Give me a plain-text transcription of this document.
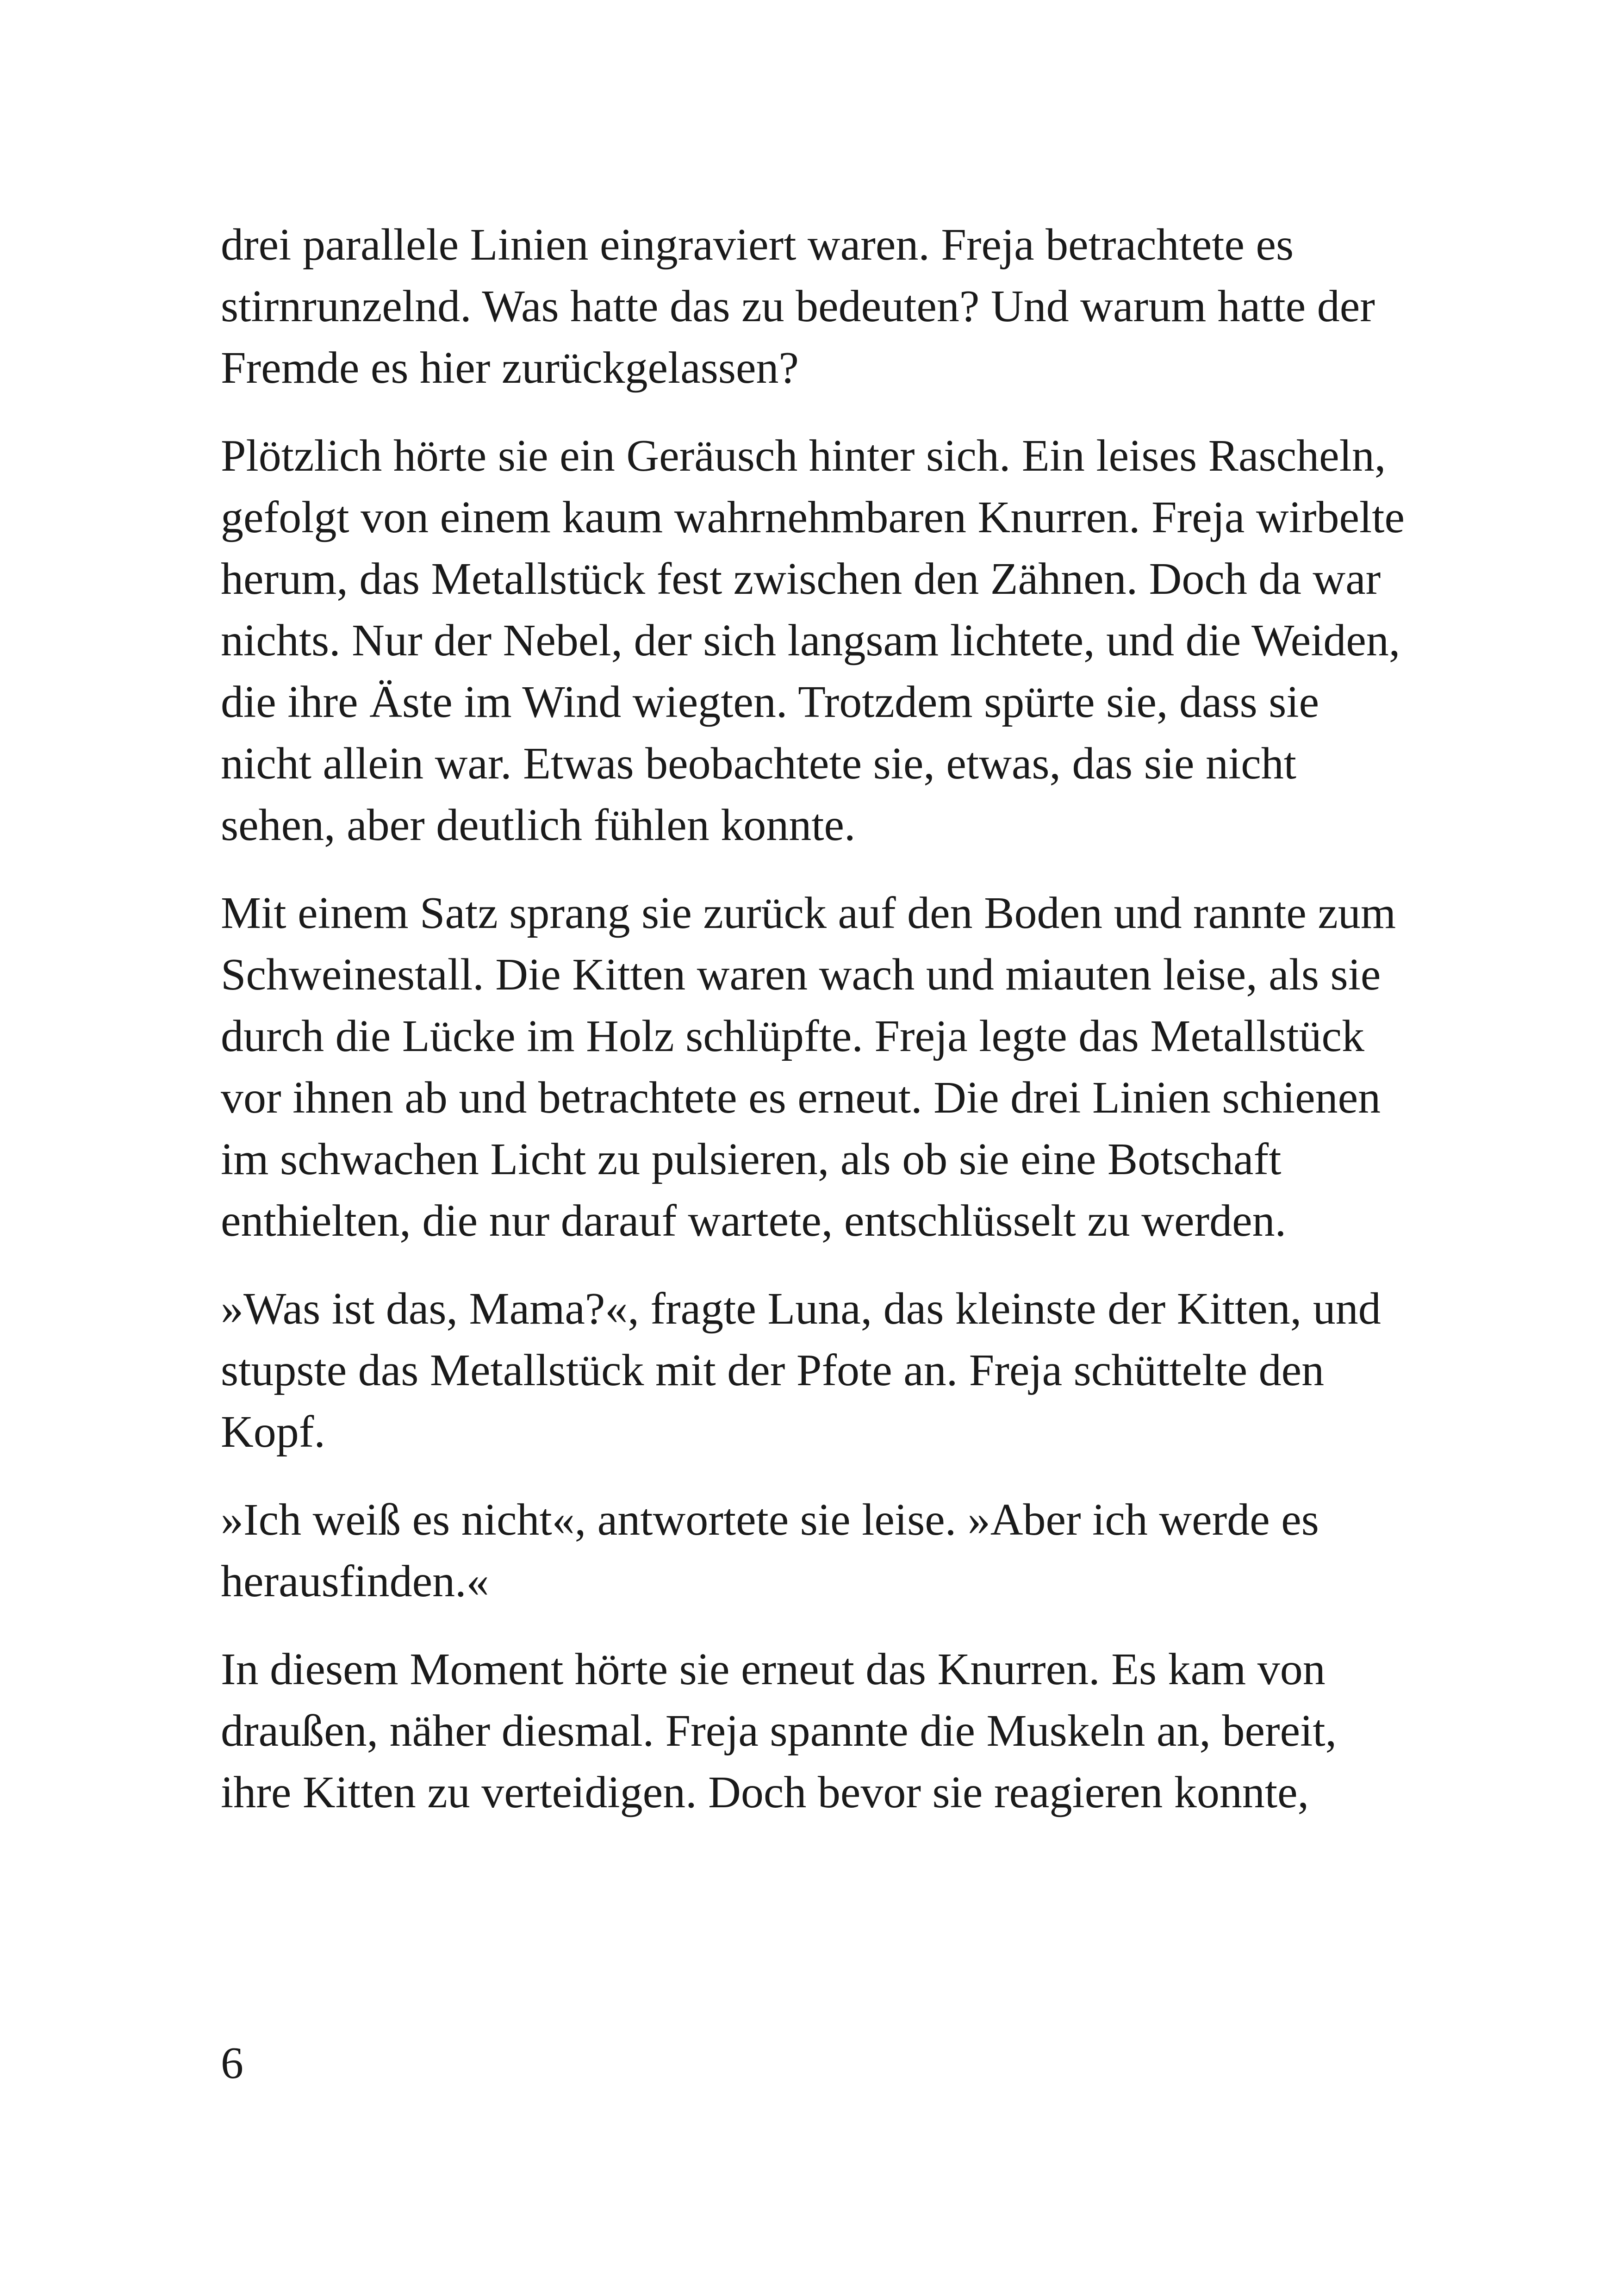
drei parallele Linien eingraviert waren. Freja betrachtete es stirnrunzelnd. Was hatte das zu bedeuten? Und warum hatte der Fremde es hier zurückgelassen?

Plötzlich hörte sie ein Geräusch hinter sich. Ein leises Rascheln, gefolgt von einem kaum wahrnehmbaren Knurren. Freja wirbelte herum, das Metallstück fest zwischen den Zähnen. Doch da war nichts. Nur der Nebel, der sich langsam lichtete, und die Weiden, die ihre Äste im Wind wiegten. Trotzdem spürte sie, dass sie nicht allein war. Etwas beobachtete sie, etwas, das sie nicht sehen, aber deutlich fühlen konnte.

Mit einem Satz sprang sie zurück auf den Boden und rannte zum Schweinestall. Die Kitten waren wach und miauten leise, als sie durch die Lücke im Holz schlüpfte. Freja legte das Metallstück vor ihnen ab und betrachtete es erneut. Die drei Linien schienen im schwachen Licht zu pulsieren, als ob sie eine Botschaft enthielten, die nur darauf wartete, entschlüsselt zu werden.

»Was ist das, Mama?«, fragte Luna, das kleinste der Kitten, und stupste das Metallstück mit der Pfote an. Freja schüttelte den Kopf.

»Ich weiß es nicht«, antwortete sie leise. »Aber ich werde es herausfinden.«

In diesem Moment hörte sie erneut das Knurren. Es kam von draußen, näher diesmal. Freja spannte die Muskeln an, bereit, ihre Kitten zu verteidigen. Doch bevor sie reagieren konnte,

6
